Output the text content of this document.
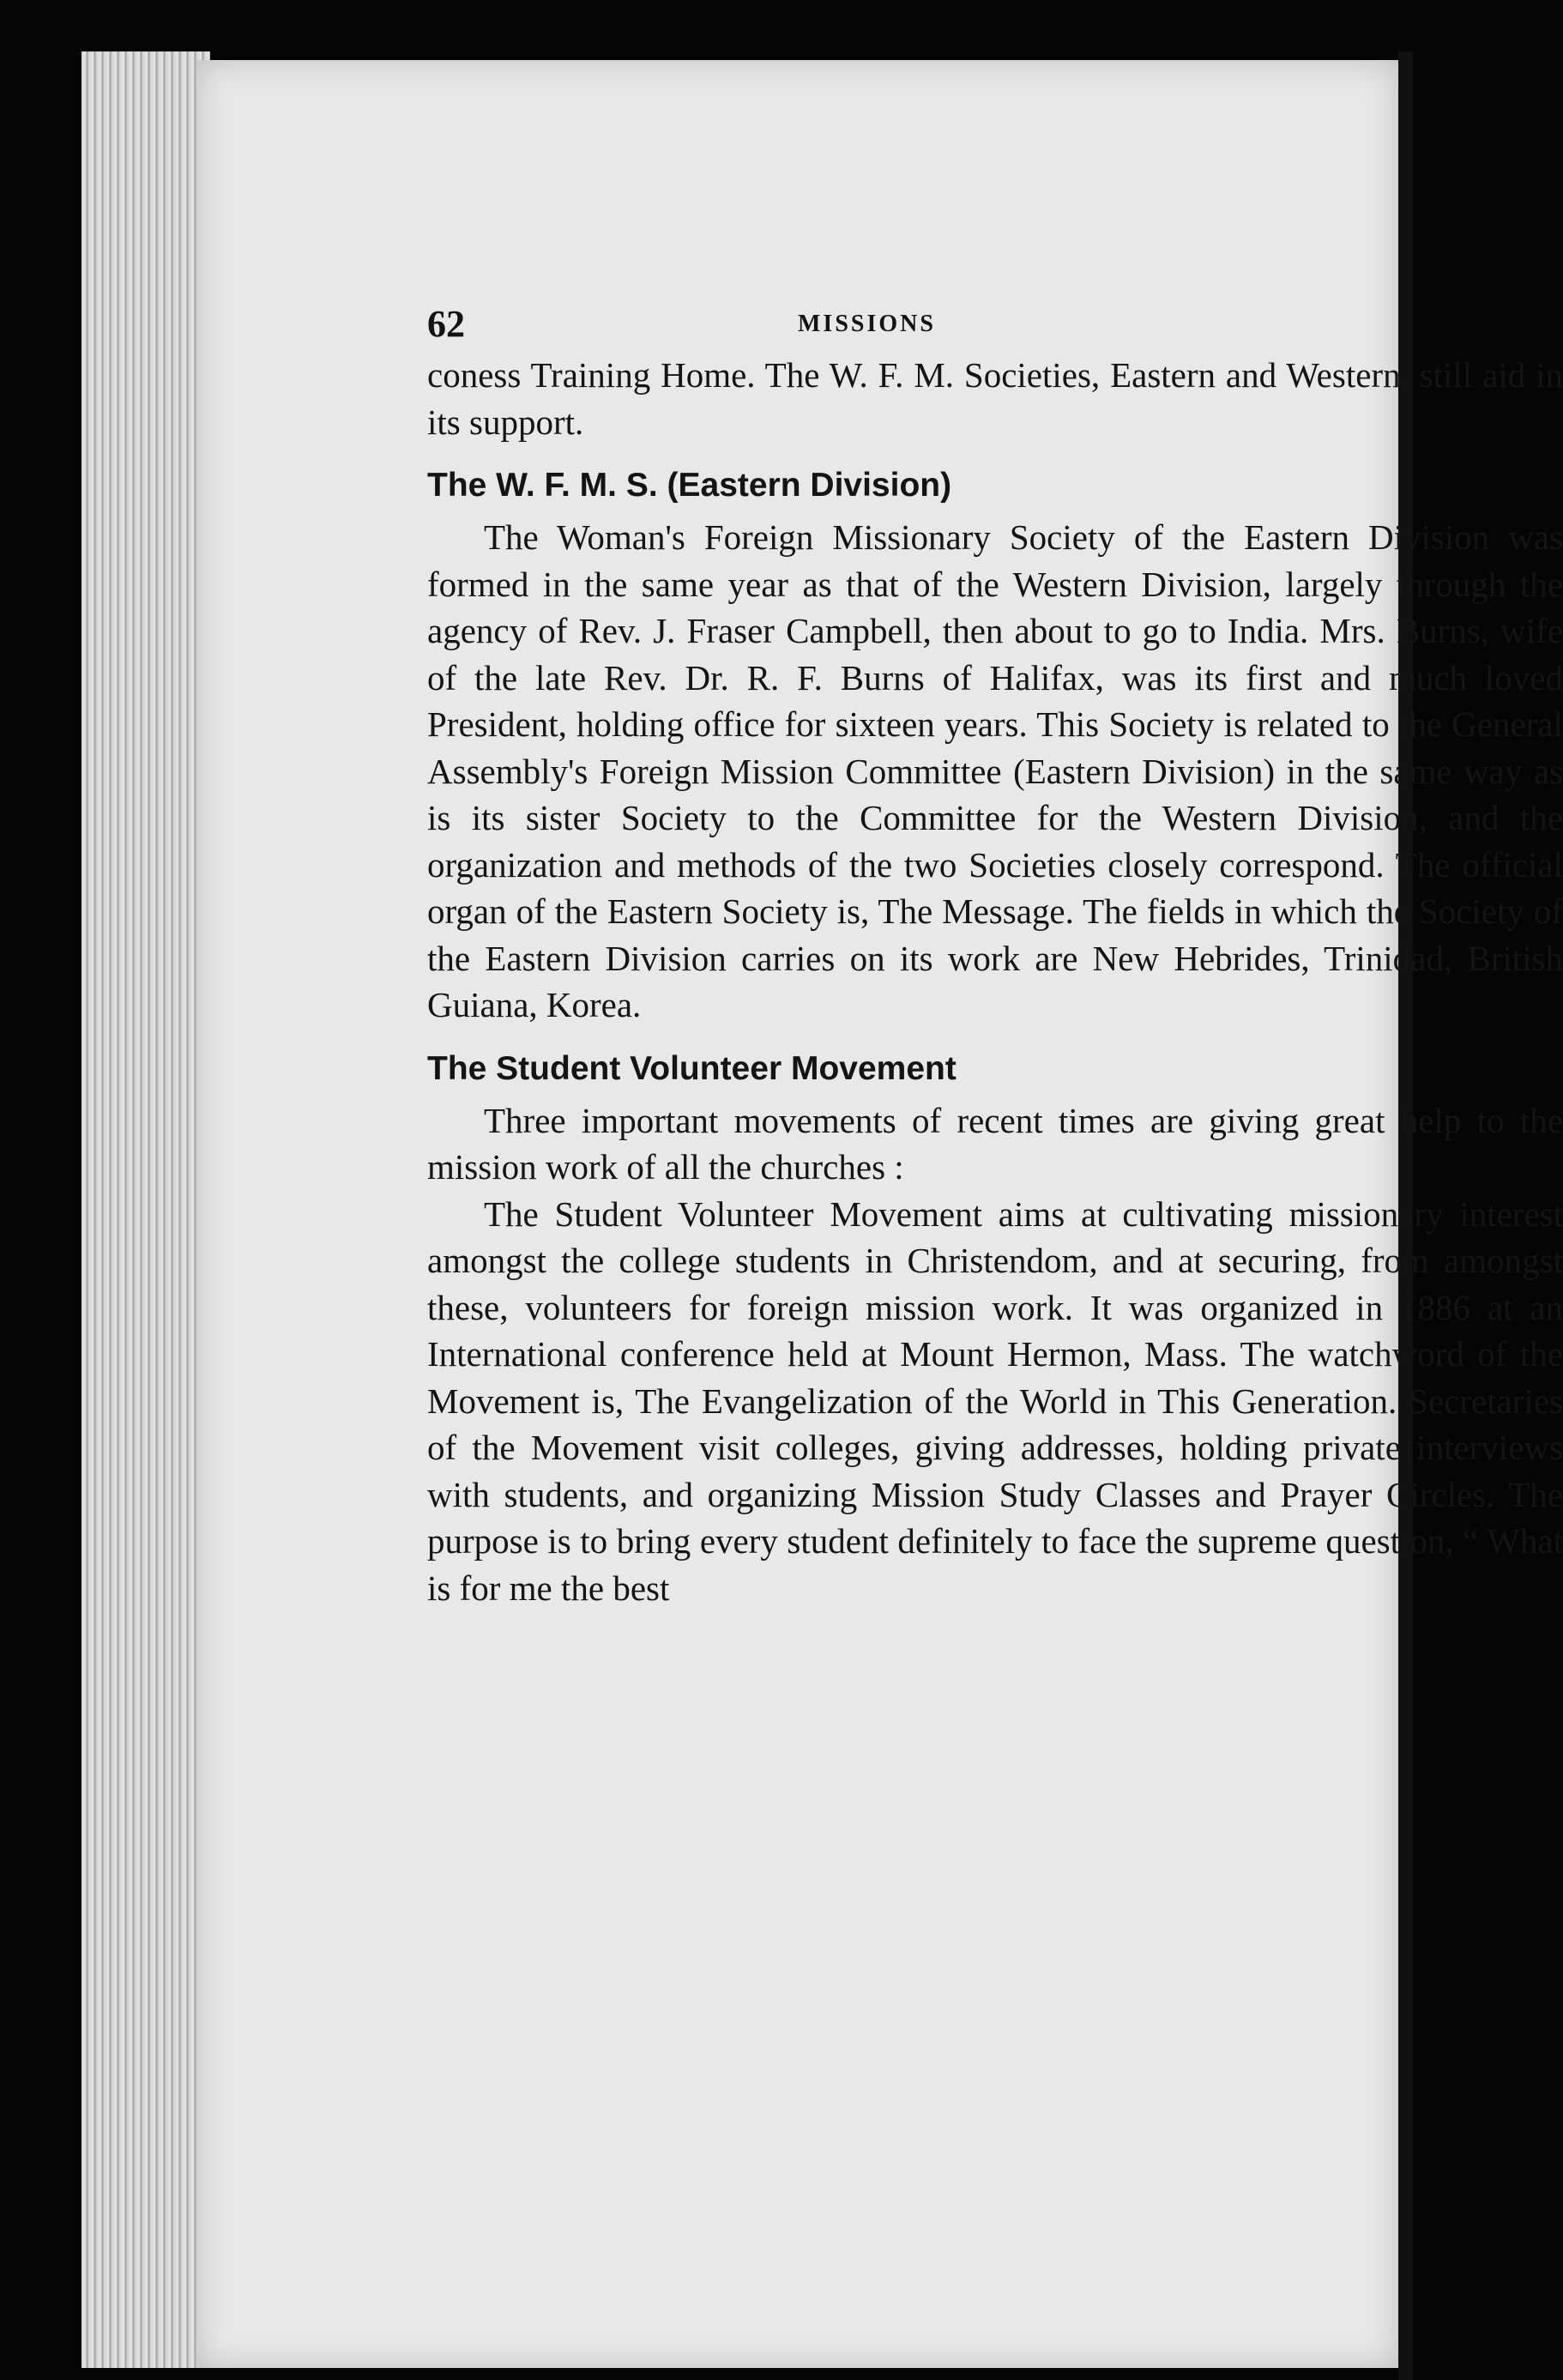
62	MISSIONS

coness Training Home. The W. F. M. Societies, Eastern and Western, still aid in its support.

The W. F. M. S. (Eastern Division)

The Woman's Foreign Missionary Society of the Eastern Division was formed in the same year as that of the Western Division, largely through the agency of Rev. J. Fraser Campbell, then about to go to India. Mrs. Burns, wife of the late Rev. Dr. R. F. Burns of Halifax, was its first and much loved President, holding office for sixteen years. This Society is related to the General Assembly's Foreign Mission Committee (Eastern Division) in the same way as is its sister Society to the Committee for the Western Division, and the organization and methods of the two Societies closely correspond. The official organ of the Eastern Society is, The Message. The fields in which the Society of the Eastern Division carries on its work are New Hebrides, Trinidad, British Guiana, Korea.

The Student Volunteer Movement

Three important movements of recent times are giving great help to the mission work of all the churches :

The Student Volunteer Movement aims at cultivating missionary interest amongst the college students in Christendom, and at securing, from amongst these, volunteers for foreign mission work. It was organized in 1886 at an International conference held at Mount Hermon, Mass. The watchword of the Movement is, The Evangelization of the World in This Generation. Secretaries of the Movement visit colleges, giving addresses, holding private interviews with students, and organizing Mission Study Classes and Prayer Circles. The purpose is to bring every student definitely to face the supreme question, “ What is for me the best
